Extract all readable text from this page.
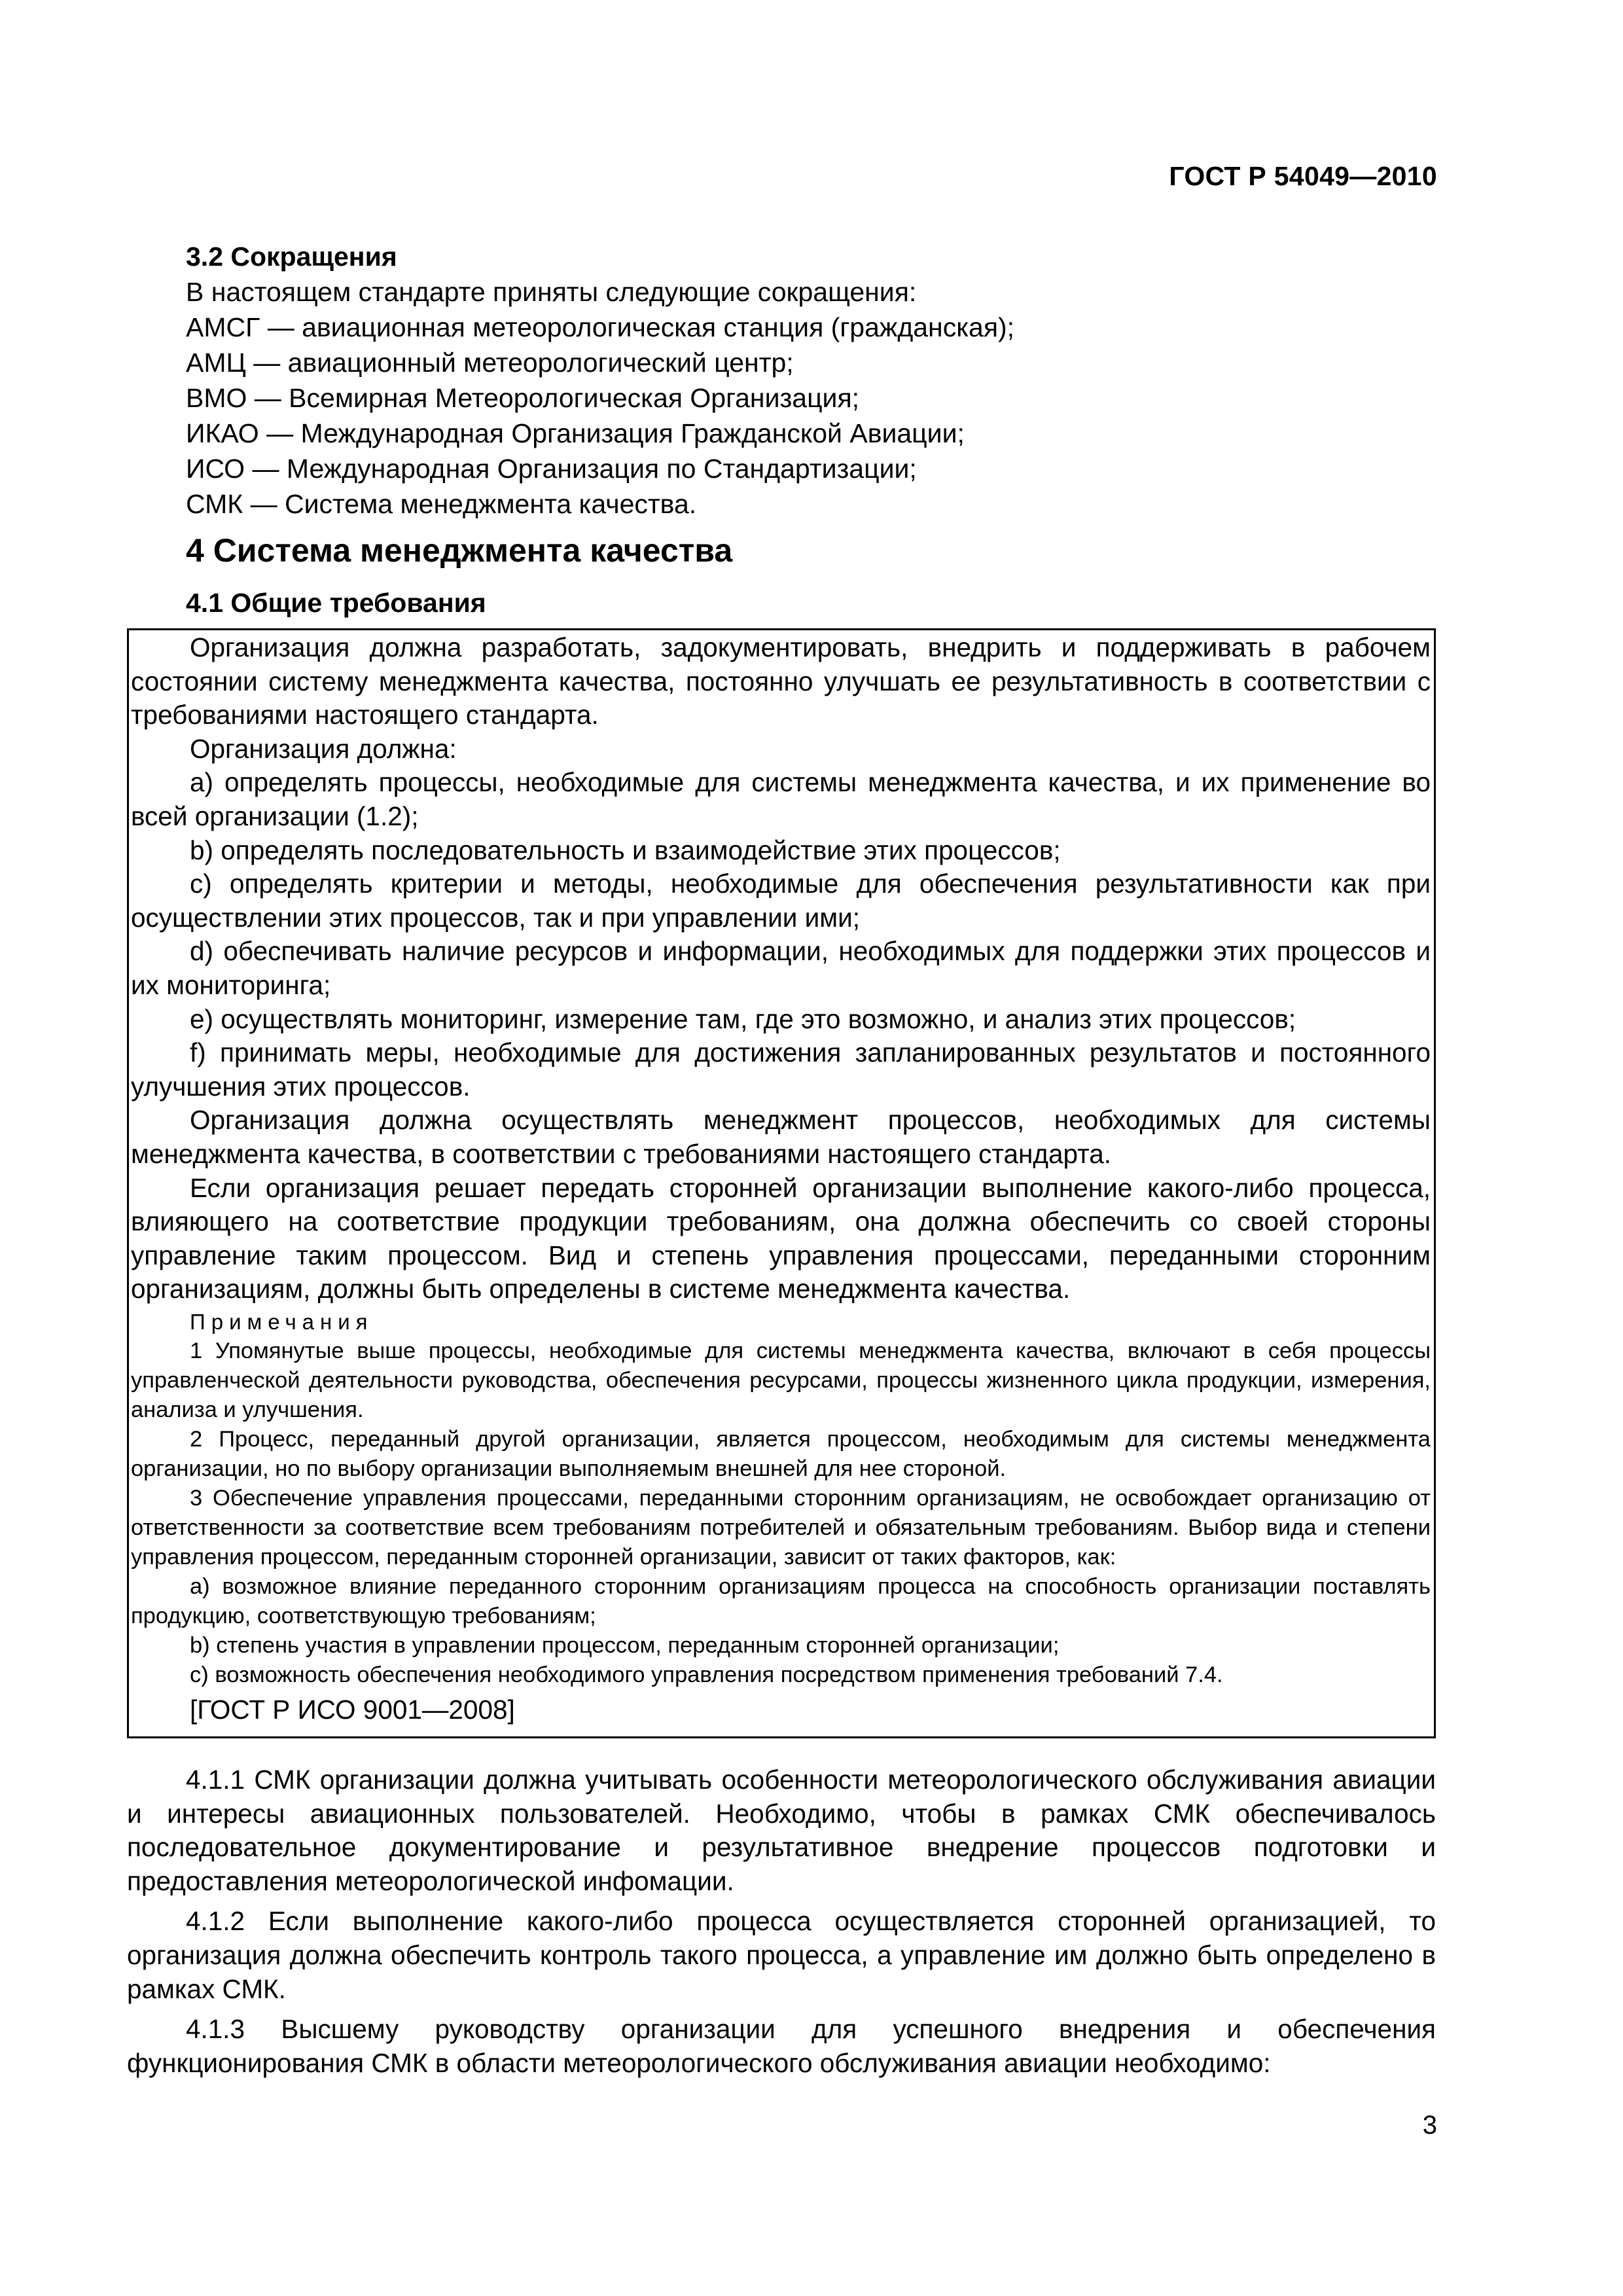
ГОСТ Р 54049—2010
3.2 Сокращения
В настоящем стандарте приняты следующие сокращения:
АМСГ — авиационная метеорологическая станция (гражданская);
АМЦ — авиационный метеорологический центр;
ВМО — Всемирная Метеорологическая Организация;
ИКАО — Международная Организация Гражданской Авиации;
ИСО — Международная Организация по Стандартизации;
СМК — Система менеджмента качества.
4 Система менеджмента качества
4.1 Общие требования

Организация должна разработать, задокументировать, внедрить и поддерживать в рабочем состоянии систему менеджмента качества, постоянно улучшать ее результативность в соответствии с требованиями настоящего стандарта.

Организация должна:

a) определять процессы, необходимые для системы менеджмента качества, и их применение во всей организации (1.2);

b) определять последовательность и взаимодействие этих процессов;

c) определять критерии и методы, необходимые для обеспечения результативности как при осуществлении этих процессов, так и при управлении ими;

d) обеспечивать наличие ресурсов и информации, необходимых для поддержки этих процессов и их мониторинга;

e) осуществлять мониторинг, измерение там, где это возможно, и анализ этих процессов;

f) принимать меры, необходимые для достижения запланированных результатов и постоянного улучшения этих процессов.

Организация должна осуществлять менеджмент процессов, необходимых для системы менеджмента качества, в соответствии с требованиями настоящего стандарта.

Если организация решает передать сторонней организации выполнение какого-либо процесса, влияющего на соответствие продукции требованиям, она должна обеспечить со своей стороны управление таким процессом. Вид и степень управления процессами, переданными сторонним организациям, должны быть определены в системе менеджмента качества.

Примечания

1 Упомянутые выше процессы, необходимые для системы менеджмента качества, включают в себя процессы управленческой деятельности руководства, обеспечения ресурсами, процессы жизненного цикла продукции, измерения, анализа и улучшения.

2 Процесс, переданный другой организации, является процессом, необходимым для системы менеджмента организации, но по выбору организации выполняемым внешней для нее стороной.

3 Обеспечение управления процессами, переданными сторонним организациям, не освобождает организацию от ответственности за соответствие всем требованиям потребителей и обязательным требованиям. Выбор вида и степени управления процессом, переданным сторонней организации, зависит от таких факторов, как:

a) возможное влияние переданного сторонним организациям процесса на способность организации поставлять продукцию, соответствующую требованиям;

b) степень участия в управлении процессом, переданным сторонней организации;

c) возможность обеспечения необходимого управления посредством применения требований 7.4.

[ГОСТ Р ИСО 9001—2008]

4.1.1 СМК организации должна учитывать особенности метеорологического обслуживания авиации и интересы авиационных пользователей. Необходимо, чтобы в рамках СМК обеспечивалось последовательное документирование и результативное внедрение процессов подготовки и предоставления метеорологической инфомации.

4.1.2 Если выполнение какого-либо процесса осуществляется сторонней организацией, то организация должна обеспечить контроль такого процесса, а управление им должно быть определено в рамках СМК.

4.1.3 Высшему руководству организации для успешного внедрения и обеспечения функционирования СМК в области метеорологического обслуживания авиации необходимо:

3
